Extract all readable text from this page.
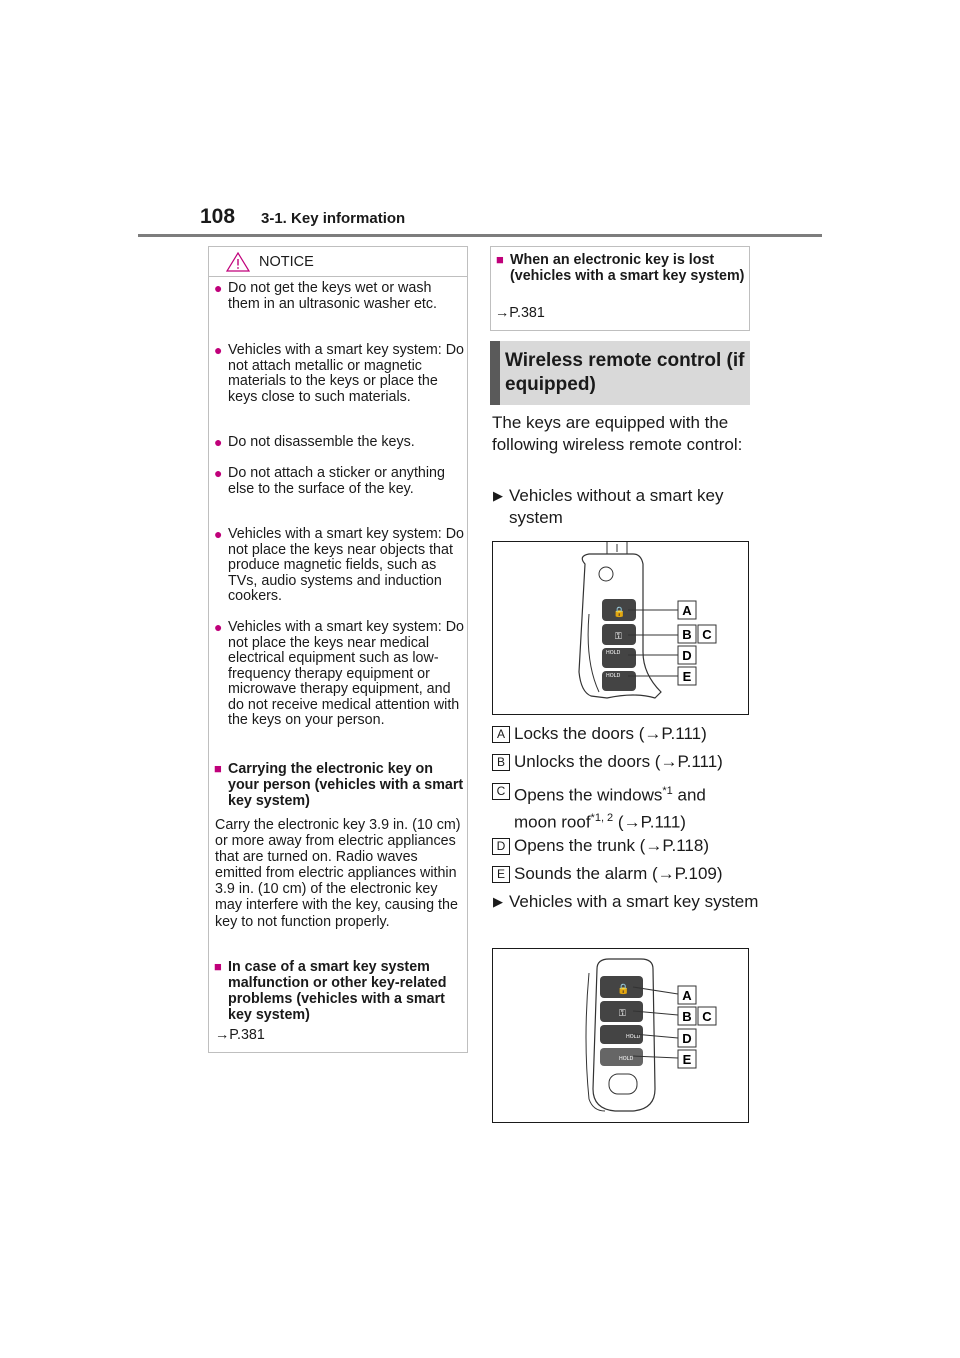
108 3-1. Key information
NOTICE
● Do not get the keys wet or wash them in an ultrasonic washer etc.
● Vehicles with a smart key system: Do not attach metallic or magnetic materials to the keys or place the keys close to such materials.
● Do not disassemble the keys.
● Do not attach a sticker or anything else to the surface of the key.
● Vehicles with a smart key system: Do not place the keys near objects that produce magnetic fields, such as TVs, audio systems and induction cookers.
● Vehicles with a smart key system: Do not place the keys near medical electrical equipment such as low-frequency therapy equipment or microwave therapy equipment, and do not receive medical attention with the keys on your person.
■ Carrying the electronic key on your person (vehicles with a smart key system)
Carry the electronic key 3.9 in. (10 cm) or more away from electric appliances that are turned on. Radio waves emitted from electric appliances within 3.9 in. (10 cm) of the electronic key may interfere with the key, causing the key to not function properly.
■ In case of a smart key system malfunction or other key-related problems (vehicles with a smart key system)
→P.381
■ When an electronic key is lost (vehicles with a smart key system)
→P.381
Wireless remote control (if equipped)
The keys are equipped with the following wireless remote control:
▶ Vehicles without a smart key system
🔒
⚿
HOLD
HOLD
A
B C
D
E
A Locks the doors (→P.111)
B Unlocks the doors (→P.111)
C Opens the windows$^{*1}$ and
moon roof$^{*1, 2}$ (→P.111)
D Opens the trunk (→P.118)
E Sounds the alarm (→P.109)
▶ Vehicles with a smart key system
🔒
⚿
HOLD
HOLD
A
B C
D
E
